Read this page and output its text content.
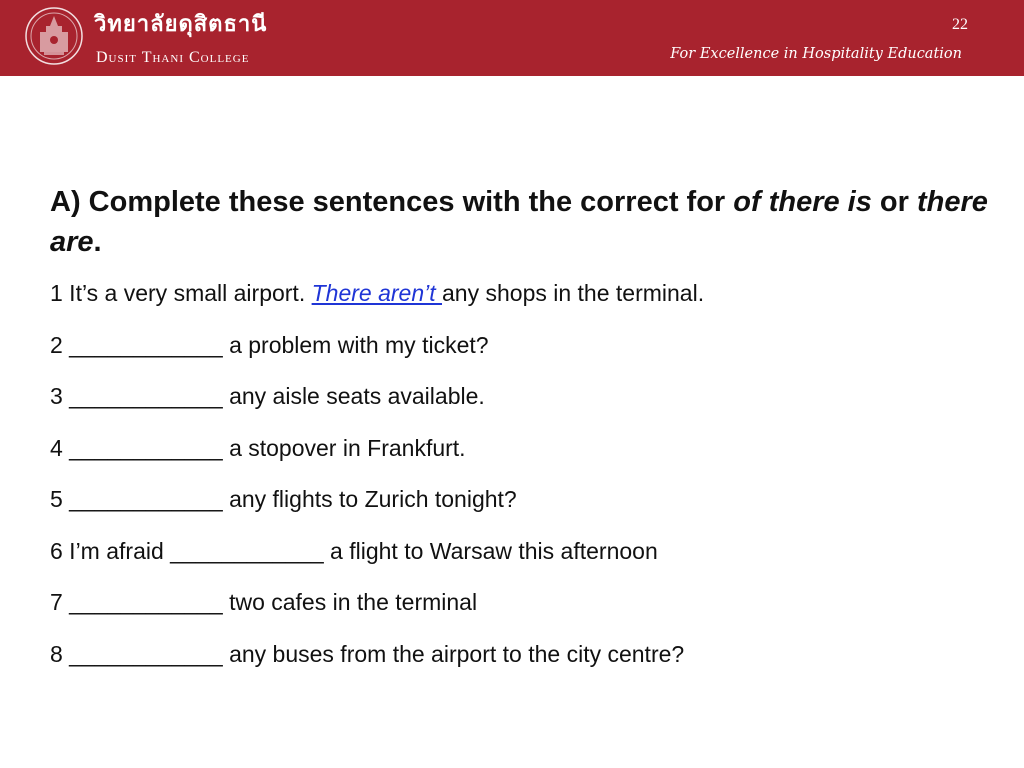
วิทยาลัยดุสิตธานี
Dusit Thani College
22
For Excellence in Hospitality Education
A) Complete these sentences with the correct for of there is or there are.
1 It’s a very small airport. There aren’t any shops in the terminal.
2 ____________ a problem with my ticket?
3 ____________ any aisle seats available.
4 ____________ a stopover in Frankfurt.
5 ____________ any flights to Zurich tonight?
6 I’m afraid ____________ a flight to Warsaw this afternoon
7 ____________ two cafes in the terminal
8 ____________ any buses from the airport to the city centre?
